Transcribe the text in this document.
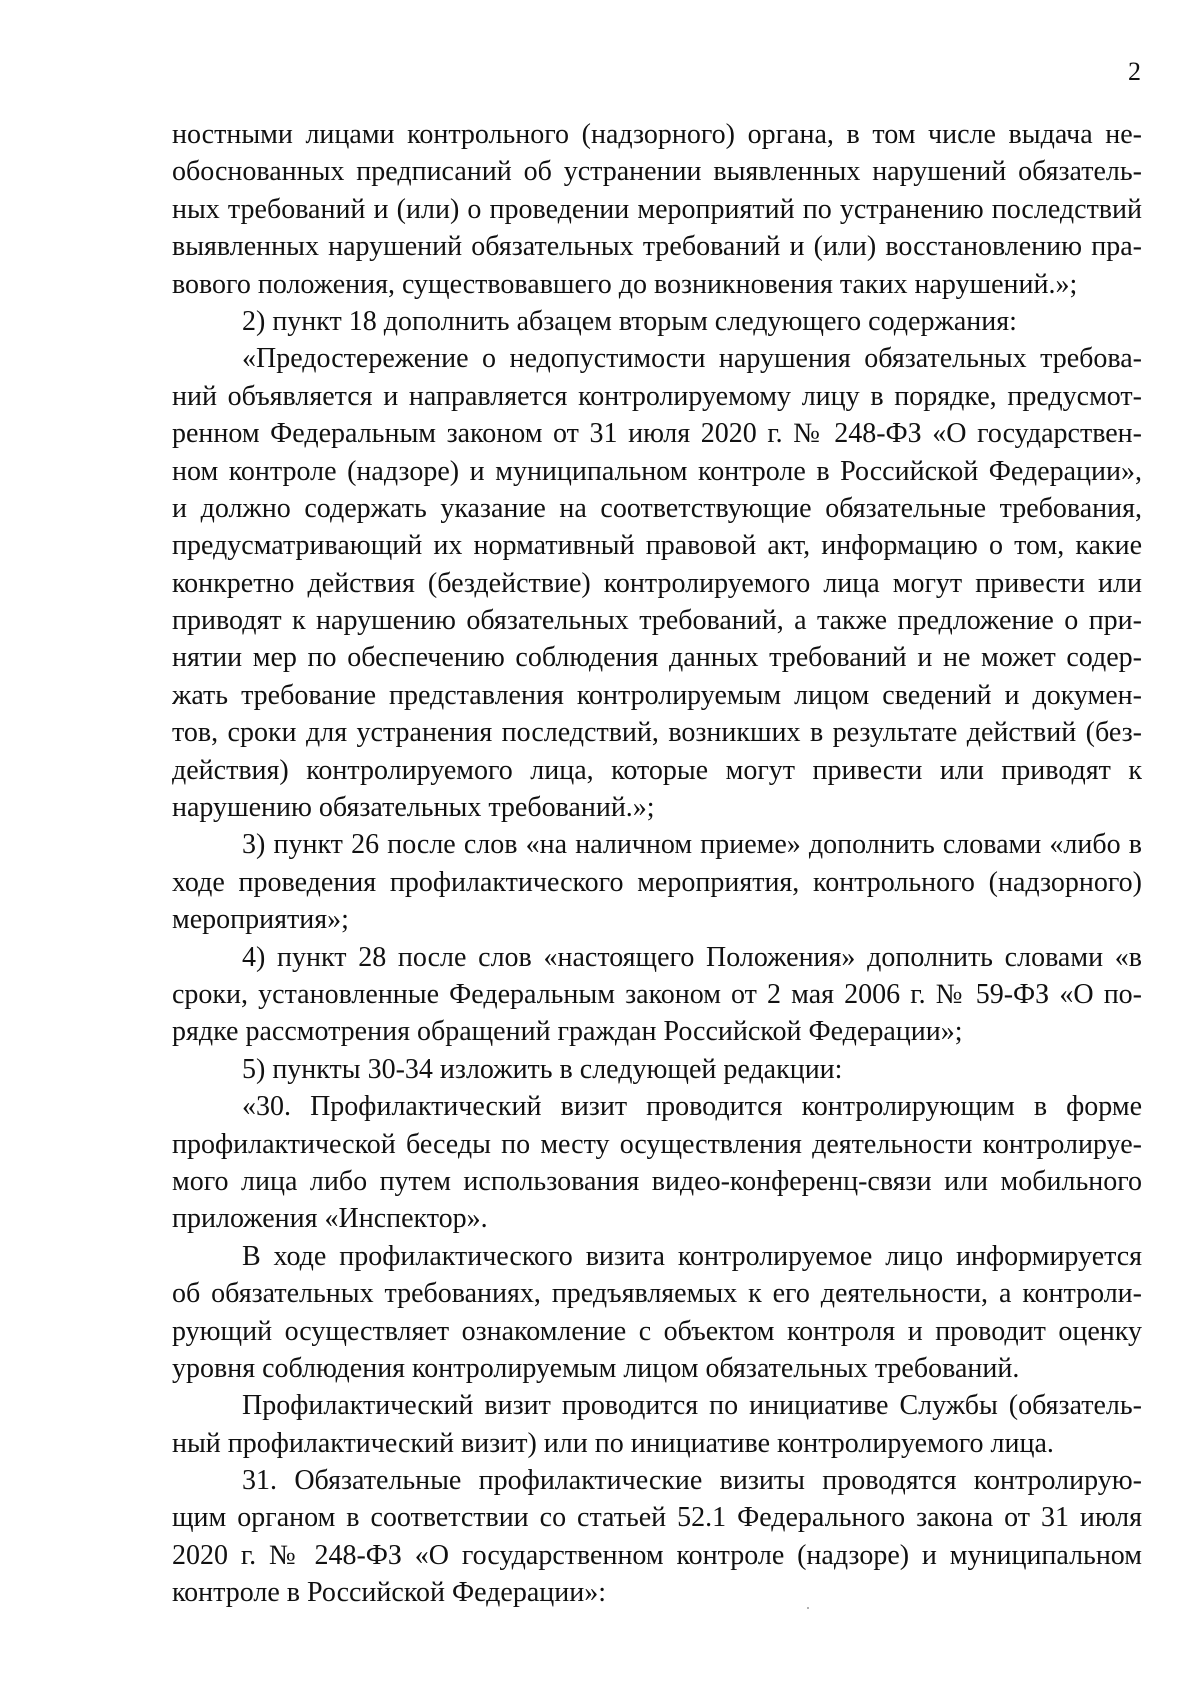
2
ностными лицами контрольного (надзорного) органа, в том числе выдача не-
обоснованных предписаний об устранении выявленных нарушений обязатель-
ных требований и (или) о проведении мероприятий по устранению последствий
выявленных нарушений обязательных требований и (или) восстановлению пра-
вового положения, существовавшего до возникновения таких нарушений.»;
2) пункт 18 дополнить абзацем вторым следующего содержания:
«Предостережение о недопустимости нарушения обязательных требова-
ний объявляется и направляется контролируемому лицу в порядке, предусмот-
ренном Федеральным законом от 31 июля 2020 г. № 248-ФЗ «О государствен-
ном контроле (надзоре) и муниципальном контроле в Российской Федерации»,
и должно содержать указание на соответствующие обязательные требования,
предусматривающий их нормативный правовой акт, информацию о том, какие
конкретно действия (бездействие) контролируемого лица могут привести или
приводят к нарушению обязательных требований, а также предложение о при-
нятии мер по обеспечению соблюдения данных требований и не может содер-
жать требование представления контролируемым лицом сведений и докумен-
тов, сроки для устранения последствий, возникших в результате действий (без-
действия) контролируемого лица, которые могут привести или приводят к
нарушению обязательных требований.»;
3) пункт 26 после слов «на наличном приеме» дополнить словами «либо в
ходе проведения профилактического мероприятия, контрольного (надзорного)
мероприятия»;
4) пункт 28 после слов «настоящего Положения» дополнить словами «в
сроки, установленные Федеральным законом от 2 мая 2006 г. № 59-ФЗ «О по-
рядке рассмотрения обращений граждан Российской Федерации»;
5) пункты 30-34 изложить в следующей редакции:
«30. Профилактический визит проводится контролирующим в форме
профилактической беседы по месту осуществления деятельности контролируе-
мого лица либо путем использования видео-конференц-связи или мобильного
приложения «Инспектор».
В ходе профилактического визита контролируемое лицо информируется
об обязательных требованиях, предъявляемых к его деятельности, а контроли-
рующий осуществляет ознакомление с объектом контроля и проводит оценку
уровня соблюдения контролируемым лицом обязательных требований.
Профилактический визит проводится по инициативе Службы (обязатель-
ный профилактический визит) или по инициативе контролируемого лица.
31. Обязательные профилактические визиты проводятся контролирую-
щим органом в соответствии со статьей 52.1 Федерального закона от 31 июля
2020 г. № 248-ФЗ «О государственном контроле (надзоре) и муниципальном
контроле в Российской Федерации»:
